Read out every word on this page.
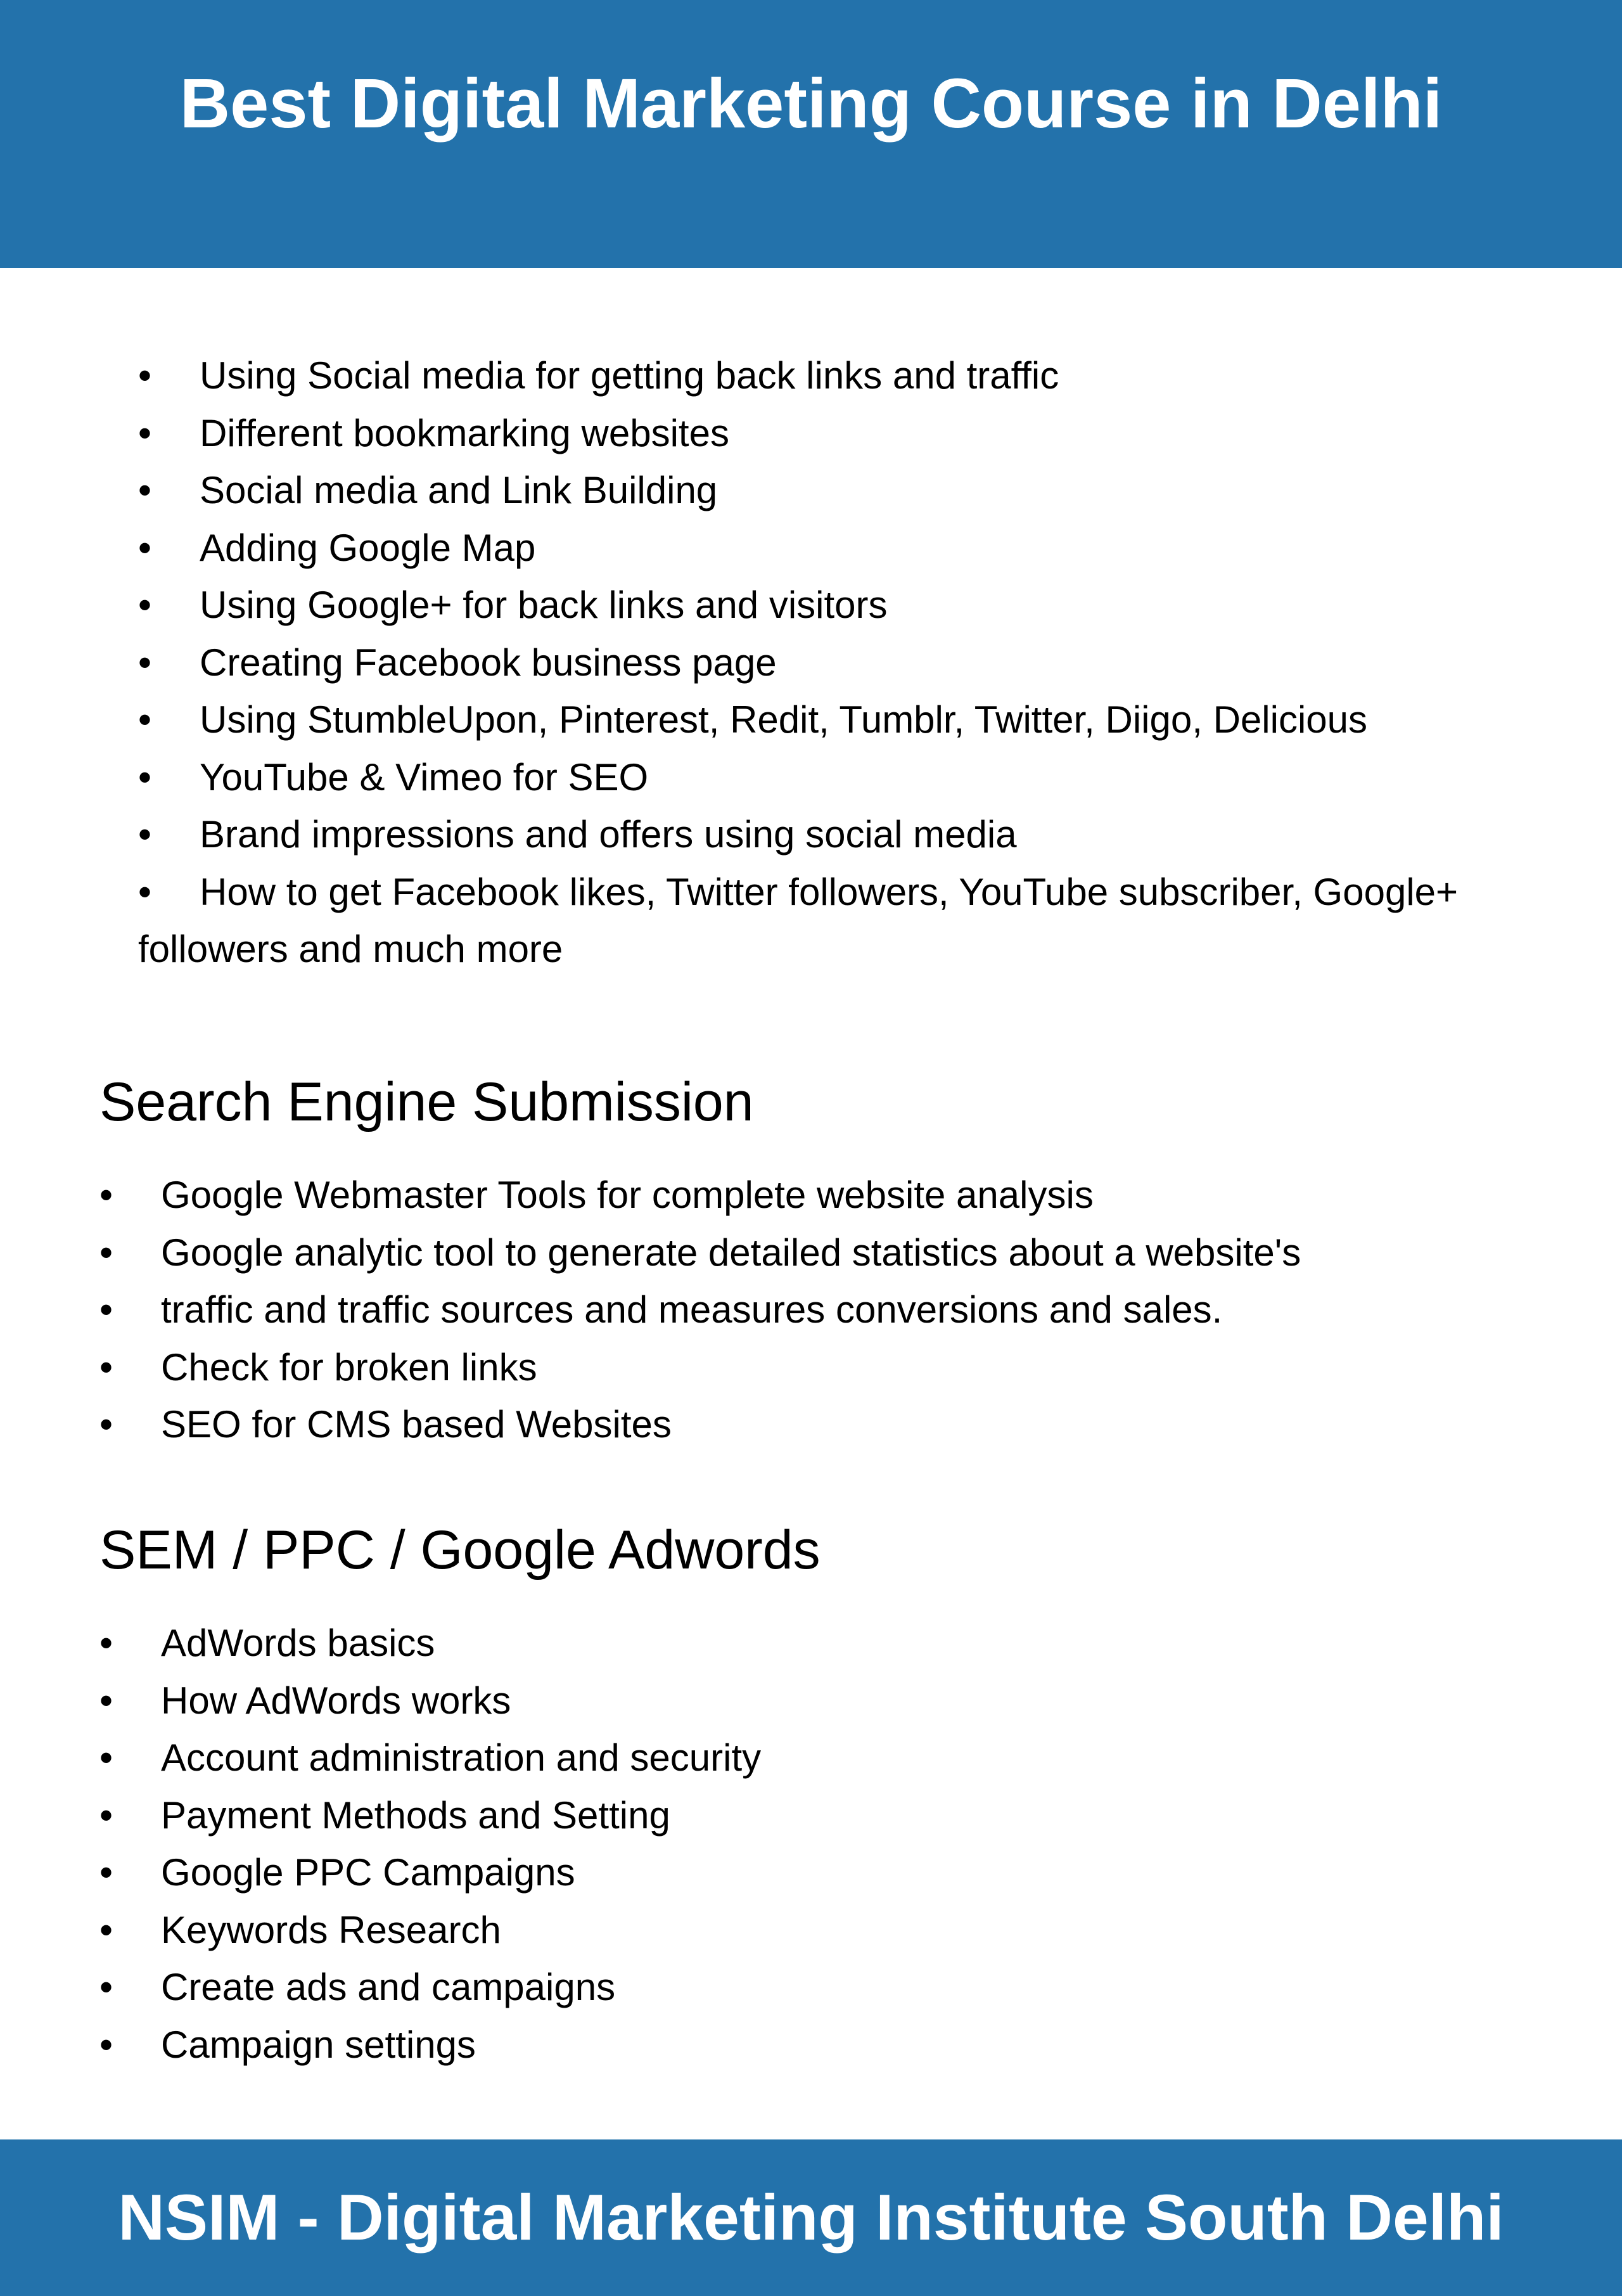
Best Digital Marketing Course in Delhi
•	Using Social media for getting back links and traffic
•	Different bookmarking websites
•	Social media and Link Building
•	Adding Google Map
•	Using Google+ for back links and visitors
•	Creating Facebook business page
•	Using StumbleUpon, Pinterest, Redit, Tumblr, Twitter, Diigo, Delicious
•	YouTube & Vimeo for SEO
•	Brand impressions and offers using social media
•	How to get Facebook likes, Twitter followers, YouTube subscriber, Google+ followers and much more
Search Engine Submission
•	Google Webmaster Tools for complete website analysis
•	Google analytic tool to generate detailed statistics about a website's
•	traffic and traffic sources and measures conversions and sales.
•	Check for broken links
•	SEO for CMS based Websites
SEM / PPC / Google Adwords
•	AdWords basics
•	How AdWords works
•	Account administration and security
•	Payment Methods and Setting
•	Google PPC Campaigns
•	Keywords Research
•	Create ads and campaigns
•	Campaign settings
NSIM - Digital Marketing Institute South Delhi
